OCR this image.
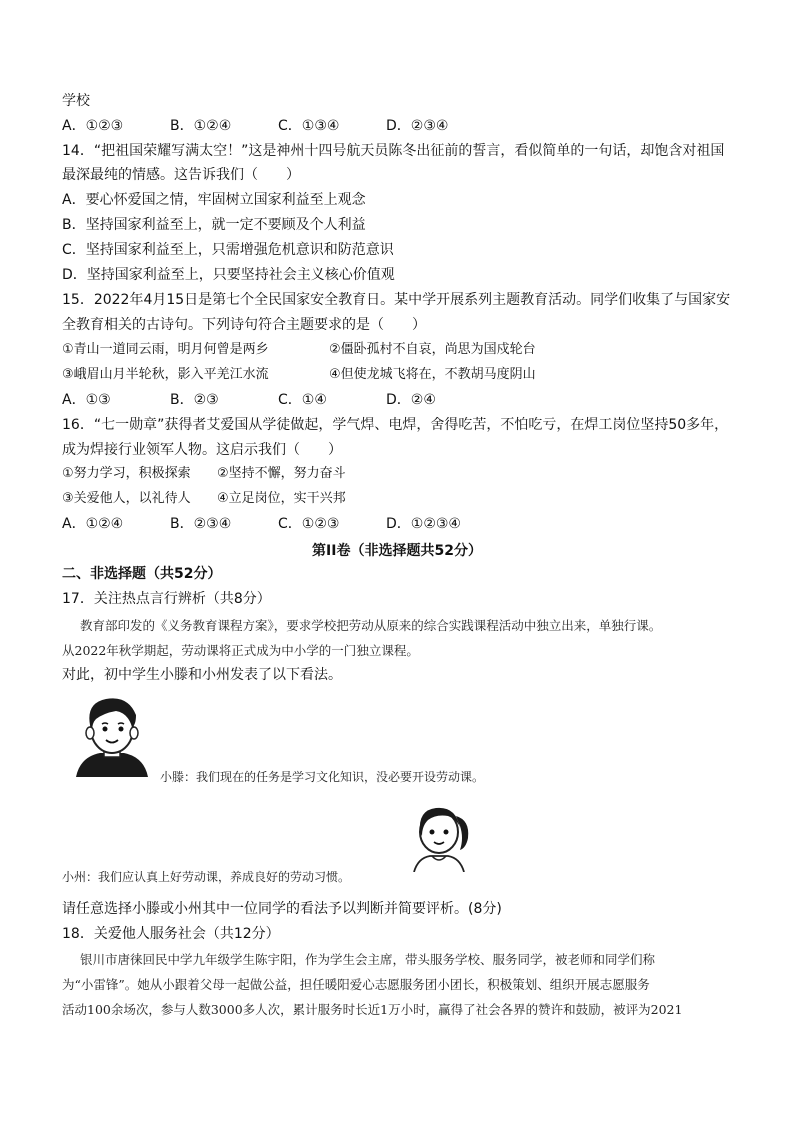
学校
A．①②③	B．①②④	C．①③④	D．②③④
14．“把祖国荣耀写满太空！”这是神州十四号航天员陈冬出征前的誓言，看似简单的一句话，却饱含对祖国
最深最纯的情感。这告诉我们（　　）
A．要心怀爱国之情，牢固树立国家利益至上观念
B．坚持国家利益至上，就一定不要顾及个人利益
C．坚持国家利益至上，只需增强危机意识和防范意识
D．坚持国家利益至上，只要坚持社会主义核心价值观
15．2022年4月15日是第七个全民国家安全教育日。某中学开展系列主题教育活动。同学们收集了与国家安
全教育相关的古诗句。下列诗句符合主题要求的是（　　）
①青山一道同云雨，明月何曾是两乡	②僵卧孤村不自哀，尚思为国戍轮台
③峨眉山月半轮秋，影入平羌江水流	④但使龙城飞将在，不教胡马度阴山
A．①③	B．②③	C．①④	D．②④
16．“七一勋章”获得者艾爱国从学徒做起，学气焊、电焊，舍得吃苦，不怕吃亏，在焊工岗位坚持50多年，
成为焊接行业领军人物。这启示我们（　　）
①努力学习，积极探索 ②坚持不懈，努力奋斗
③关爱他人，以礼待人 ④立足岗位，实干兴邦
A．①②④	B．②③④	C．①②③	D．①②③④
第II卷（非选择题共52分）
二、非选择题（共52分）
17．关注热点言行辨析（共8分）
教育部印发的《义务教育课程方案》，要求学校把劳动从原来的综合实践课程活动中独立出来，单独行课。
从2022年秋学期起，劳动课将正式成为中小学的一门独立课程。
对此，初中学生小滕和小州发表了以下看法。
小滕：我们现在的任务是学习文化知识，没必要开设劳动课。
小州：我们应认真上好劳动课，养成良好的劳动习惯。
请任意选择小滕或小州其中一位同学的看法予以判断并简要评析。(8分)
18．关爱他人服务社会（共12分）
银川市唐徕回民中学九年级学生陈宇阳，作为学生会主席，带头服务学校、服务同学，被老师和同学们称
为“小雷锋”。她从小跟着父母一起做公益，担任暖阳爱心志愿服务团小团长，积极策划、组织开展志愿服务
活动100余场次，参与人数3000多人次，累计服务时长近1万小时，赢得了社会各界的赞许和鼓励，被评为2021
